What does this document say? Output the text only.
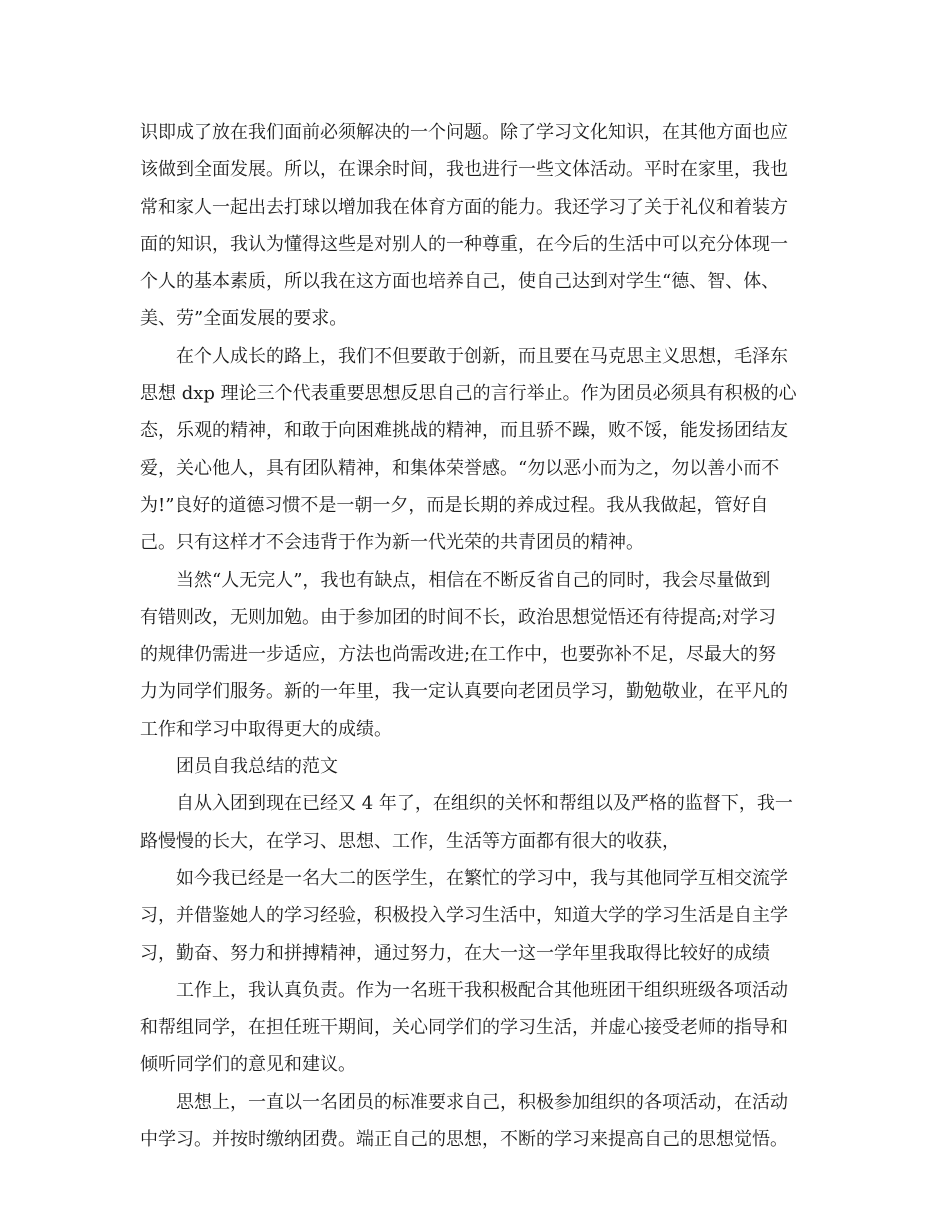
识即成了放在我们面前必须解决的一个问题。除了学习文化知识，在其他方面也应
该做到全面发展。所以，在课余时间，我也进行一些文体活动。平时在家里，我也
常和家人一起出去打球以增加我在体育方面的能力。我还学习了关于礼仪和着装方
面的知识，我认为懂得这些是对别人的一种尊重，在今后的生活中可以充分体现一
个人的基本素质，所以我在这方面也培养自己，使自己达到对学生“德、智、体、
美、劳”全面发展的要求。
在个人成长的路上，我们不但要敢于创新，而且要在马克思主义思想，毛泽东
思想 dxp 理论三个代表重要思想反思自己的言行举止。作为团员必须具有积极的心
态，乐观的精神，和敢于向困难挑战的精神，而且骄不躁，败不馁，能发扬团结友
爱，关心他人，具有团队精神，和集体荣誉感。“勿以恶小而为之，勿以善小而不
为!”良好的道德习惯不是一朝一夕，而是长期的养成过程。我从我做起，管好自
己。只有这样才不会违背于作为新一代光荣的共青团员的精神。
当然“人无完人”，我也有缺点，相信在不断反省自己的同时，我会尽量做到
有错则改，无则加勉。由于参加团的时间不长，政治思想觉悟还有待提高;对学习
的规律仍需进一步适应，方法也尚需改进;在工作中，也要弥补不足，尽最大的努
力为同学们服务。新的一年里，我一定认真要向老团员学习，勤勉敬业，在平凡的
工作和学习中取得更大的成绩。
团员自我总结的范文
自从入团到现在已经又 4 年了，在组织的关怀和帮组以及严格的监督下，我一
路慢慢的长大，在学习、思想、工作，生活等方面都有很大的收获，
如今我已经是一名大二的医学生，在繁忙的学习中，我与其他同学互相交流学
习，并借鉴她人的学习经验，积极投入学习生活中，知道大学的学习生活是自主学
习，勤奋、努力和拼搏精神，通过努力，在大一这一学年里我取得比较好的成绩
工作上，我认真负责。作为一名班干我积极配合其他班团干组织班级各项活动
和帮组同学，在担任班干期间，关心同学们的学习生活，并虚心接受老师的指导和
倾听同学们的意见和建议。
思想上，一直以一名团员的标准要求自己，积极参加组织的各项活动，在活动
中学习。并按时缴纳团费。端正自己的思想，不断的学习来提高自己的思想觉悟。
